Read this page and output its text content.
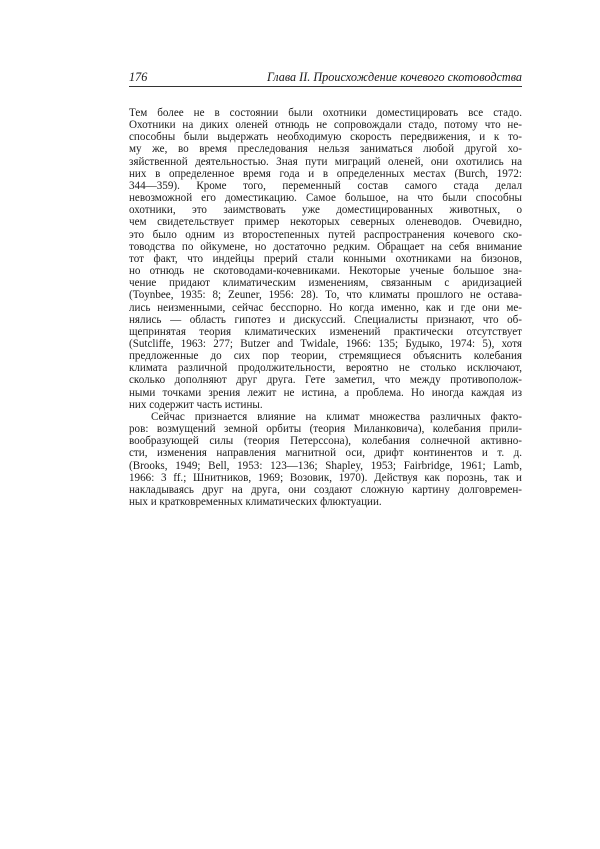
176	Глава II. Происхождение кочевого скотоводства
Тем более не в состоянии были охотники доместицировать все стадо.
Охотники на диких оленей отнюдь не сопровождали стадо, потому что не-
способны были выдержать необходимую скорость передвижения, и к то-
му же, во время преследования нельзя заниматься любой другой хо-
зяйственной деятельностью. Зная пути миграций оленей, они охотились на
них в определенное время года и в определенных местах (Burch, 1972:
344—359). Кроме того, переменный состав самого стада делал
невозможной его доместикацию. Самое большое, на что были способны
охотники, это заимствовать уже доместицированных животных, о
чем свидетельствует пример некоторых северных оленеводов. Очевидно,
это было одним из второстепенных путей распространения кочевого ско-
товодства по ойкумене, но достаточно редким. Обращает на себя внимание
тот факт, что индейцы прерий стали конными охотниками на бизонов,
но отнюдь не скотоводами-кочевниками. Некоторые ученые большое зна-
чение придают климатическим изменениям, связанным с аридизацией
(Toynbee, 1935: 8; Zeuner, 1956: 28). То, что климаты прошлого не остава-
лись неизменными, сейчас бесспорно. Но когда именно, как и где они ме-
нялись — область гипотез и дискуссий. Специалисты признают, что об-
щепринятая теория климатических изменений практически отсутствует
(Sutcliffe, 1963: 277; Butzer and Twidale, 1966: 135; Будыко, 1974: 5), хотя
предложенные до сих пор теории, стремящиеся объяснить колебания
климата различной продолжительности, вероятно не столько исключают,
сколько дополняют друг друга. Гете заметил, что между противополож-
ными точками зрения лежит не истина, а проблема. Но иногда каждая из
них содержит часть истины.
Сейчас признается влияние на климат множества различных факто-
ров: возмущений земной орбиты (теория Миланковича), колебания прили-
вообразующей силы (теория Петерссона), колебания солнечной активно-
сти, изменения направления магнитной оси, дрифт континентов и т. д.
(Brooks, 1949; Bell, 1953: 123—136; Shapley, 1953; Fairbridge, 1961; Lamb,
1966: 3 ff.; Шнитников, 1969; Возовик, 1970). Действуя как порознь, так и
накладываясь друг на друга, они создают сложную картину долговремен-
ных и кратковременных климатических флюктуации.
